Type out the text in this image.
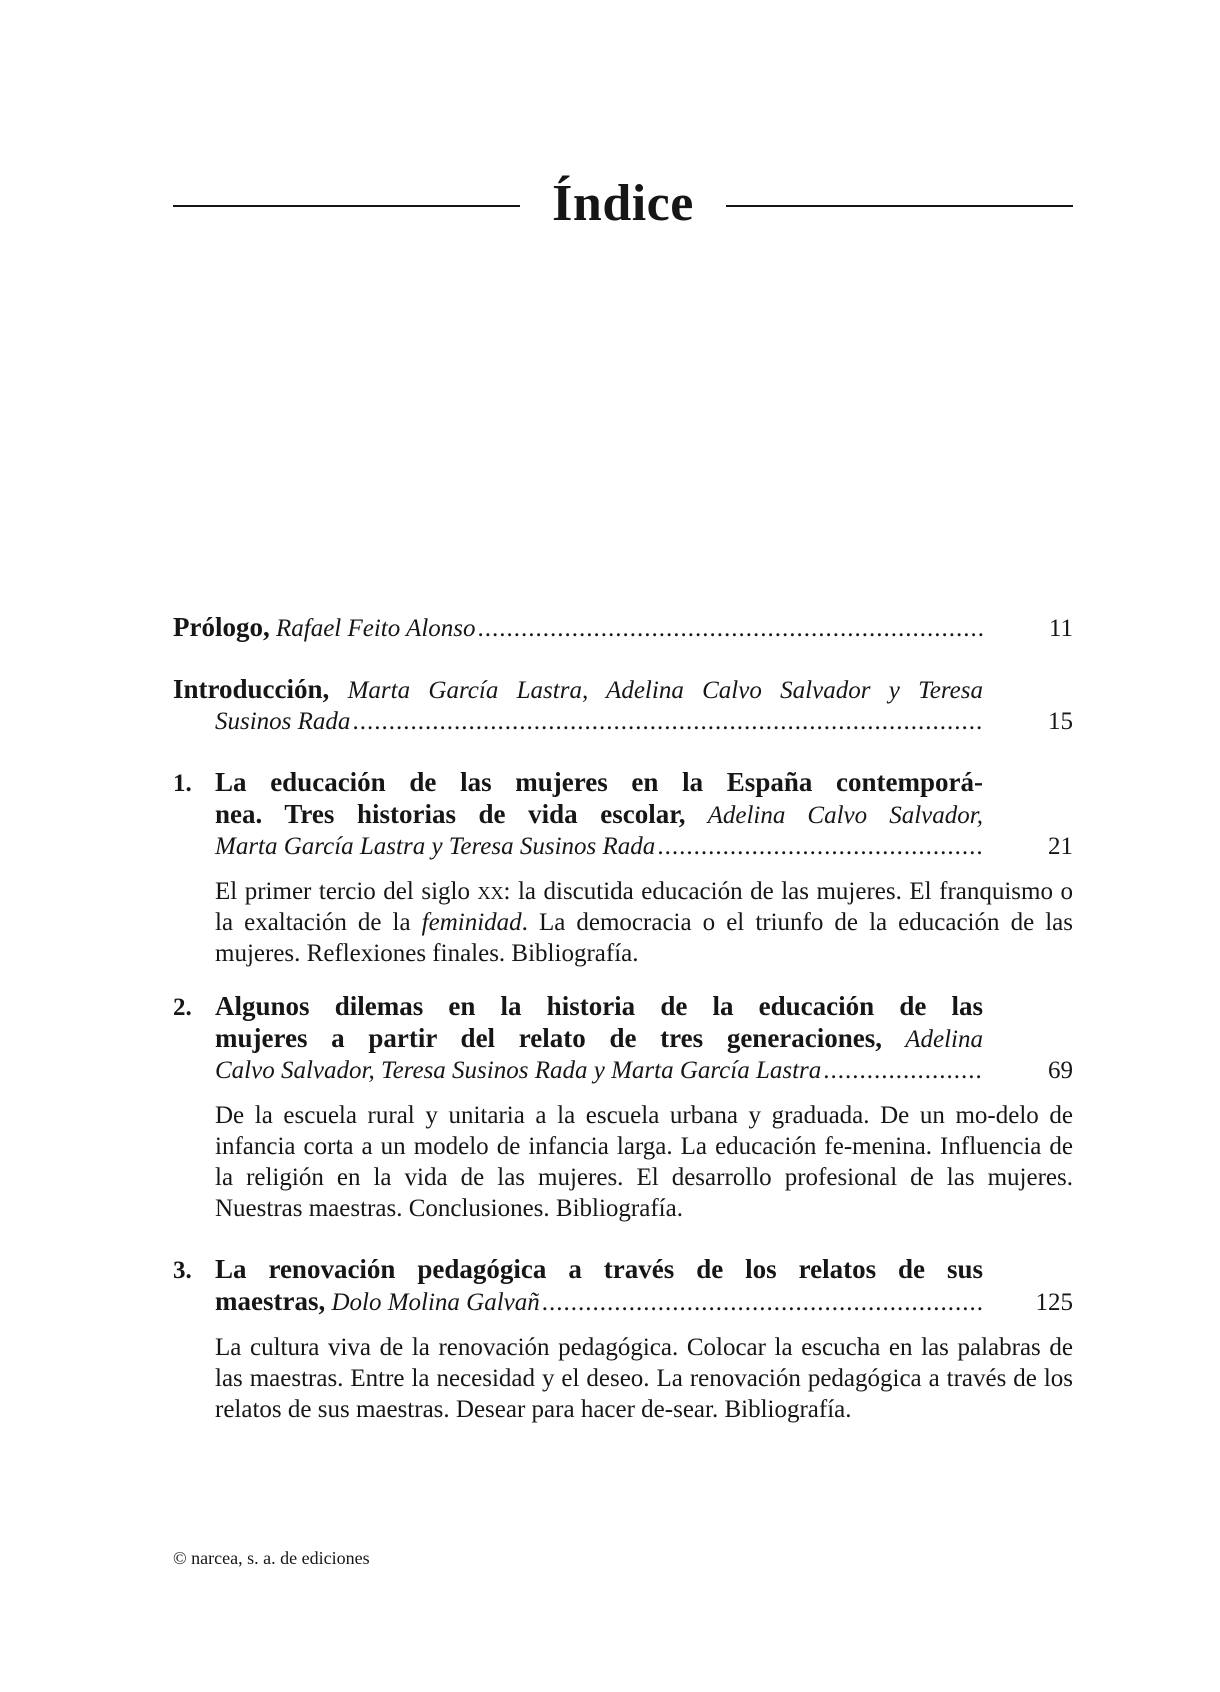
Índice
Prólogo, Rafael Feito Alonso .....	11
Introducción, Marta García Lastra, Adelina Calvo Salvador y Teresa
Susinos Rada .....	15
1. La educación de las mujeres en la España contemporá-
nea. Tres historias de vida escolar, Adelina Calvo Salvador,
Marta García Lastra y Teresa Susinos Rada .....	21
El primer tercio del siglo xx: la discutida educación de las mujeres. El franquismo o la exaltación de la feminidad. La democracia o el triunfo de la educación de las mujeres. Reflexiones finales. Bibliografía.
2. Algunos dilemas en la historia de la educación de las
mujeres a partir del relato de tres generaciones, Adelina
Calvo Salvador, Teresa Susinos Rada y Marta García Lastra .....	69
De la escuela rural y unitaria a la escuela urbana y graduada. De un mo-delo de infancia corta a un modelo de infancia larga. La educación fe-menina. Influencia de la religión en la vida de las mujeres. El desarrollo profesional de las mujeres. Nuestras maestras. Conclusiones. Bibliografía.
3. La renovación pedagógica a través de los relatos de sus
maestras, Dolo Molina Galvañ .....	125
La cultura viva de la renovación pedagógica. Colocar la escucha en las palabras de las maestras. Entre la necesidad y el deseo. La renovación pedagógica a través de los relatos de sus maestras. Desear para hacer de-sear. Bibliografía.
© narcea, s. a. de ediciones
